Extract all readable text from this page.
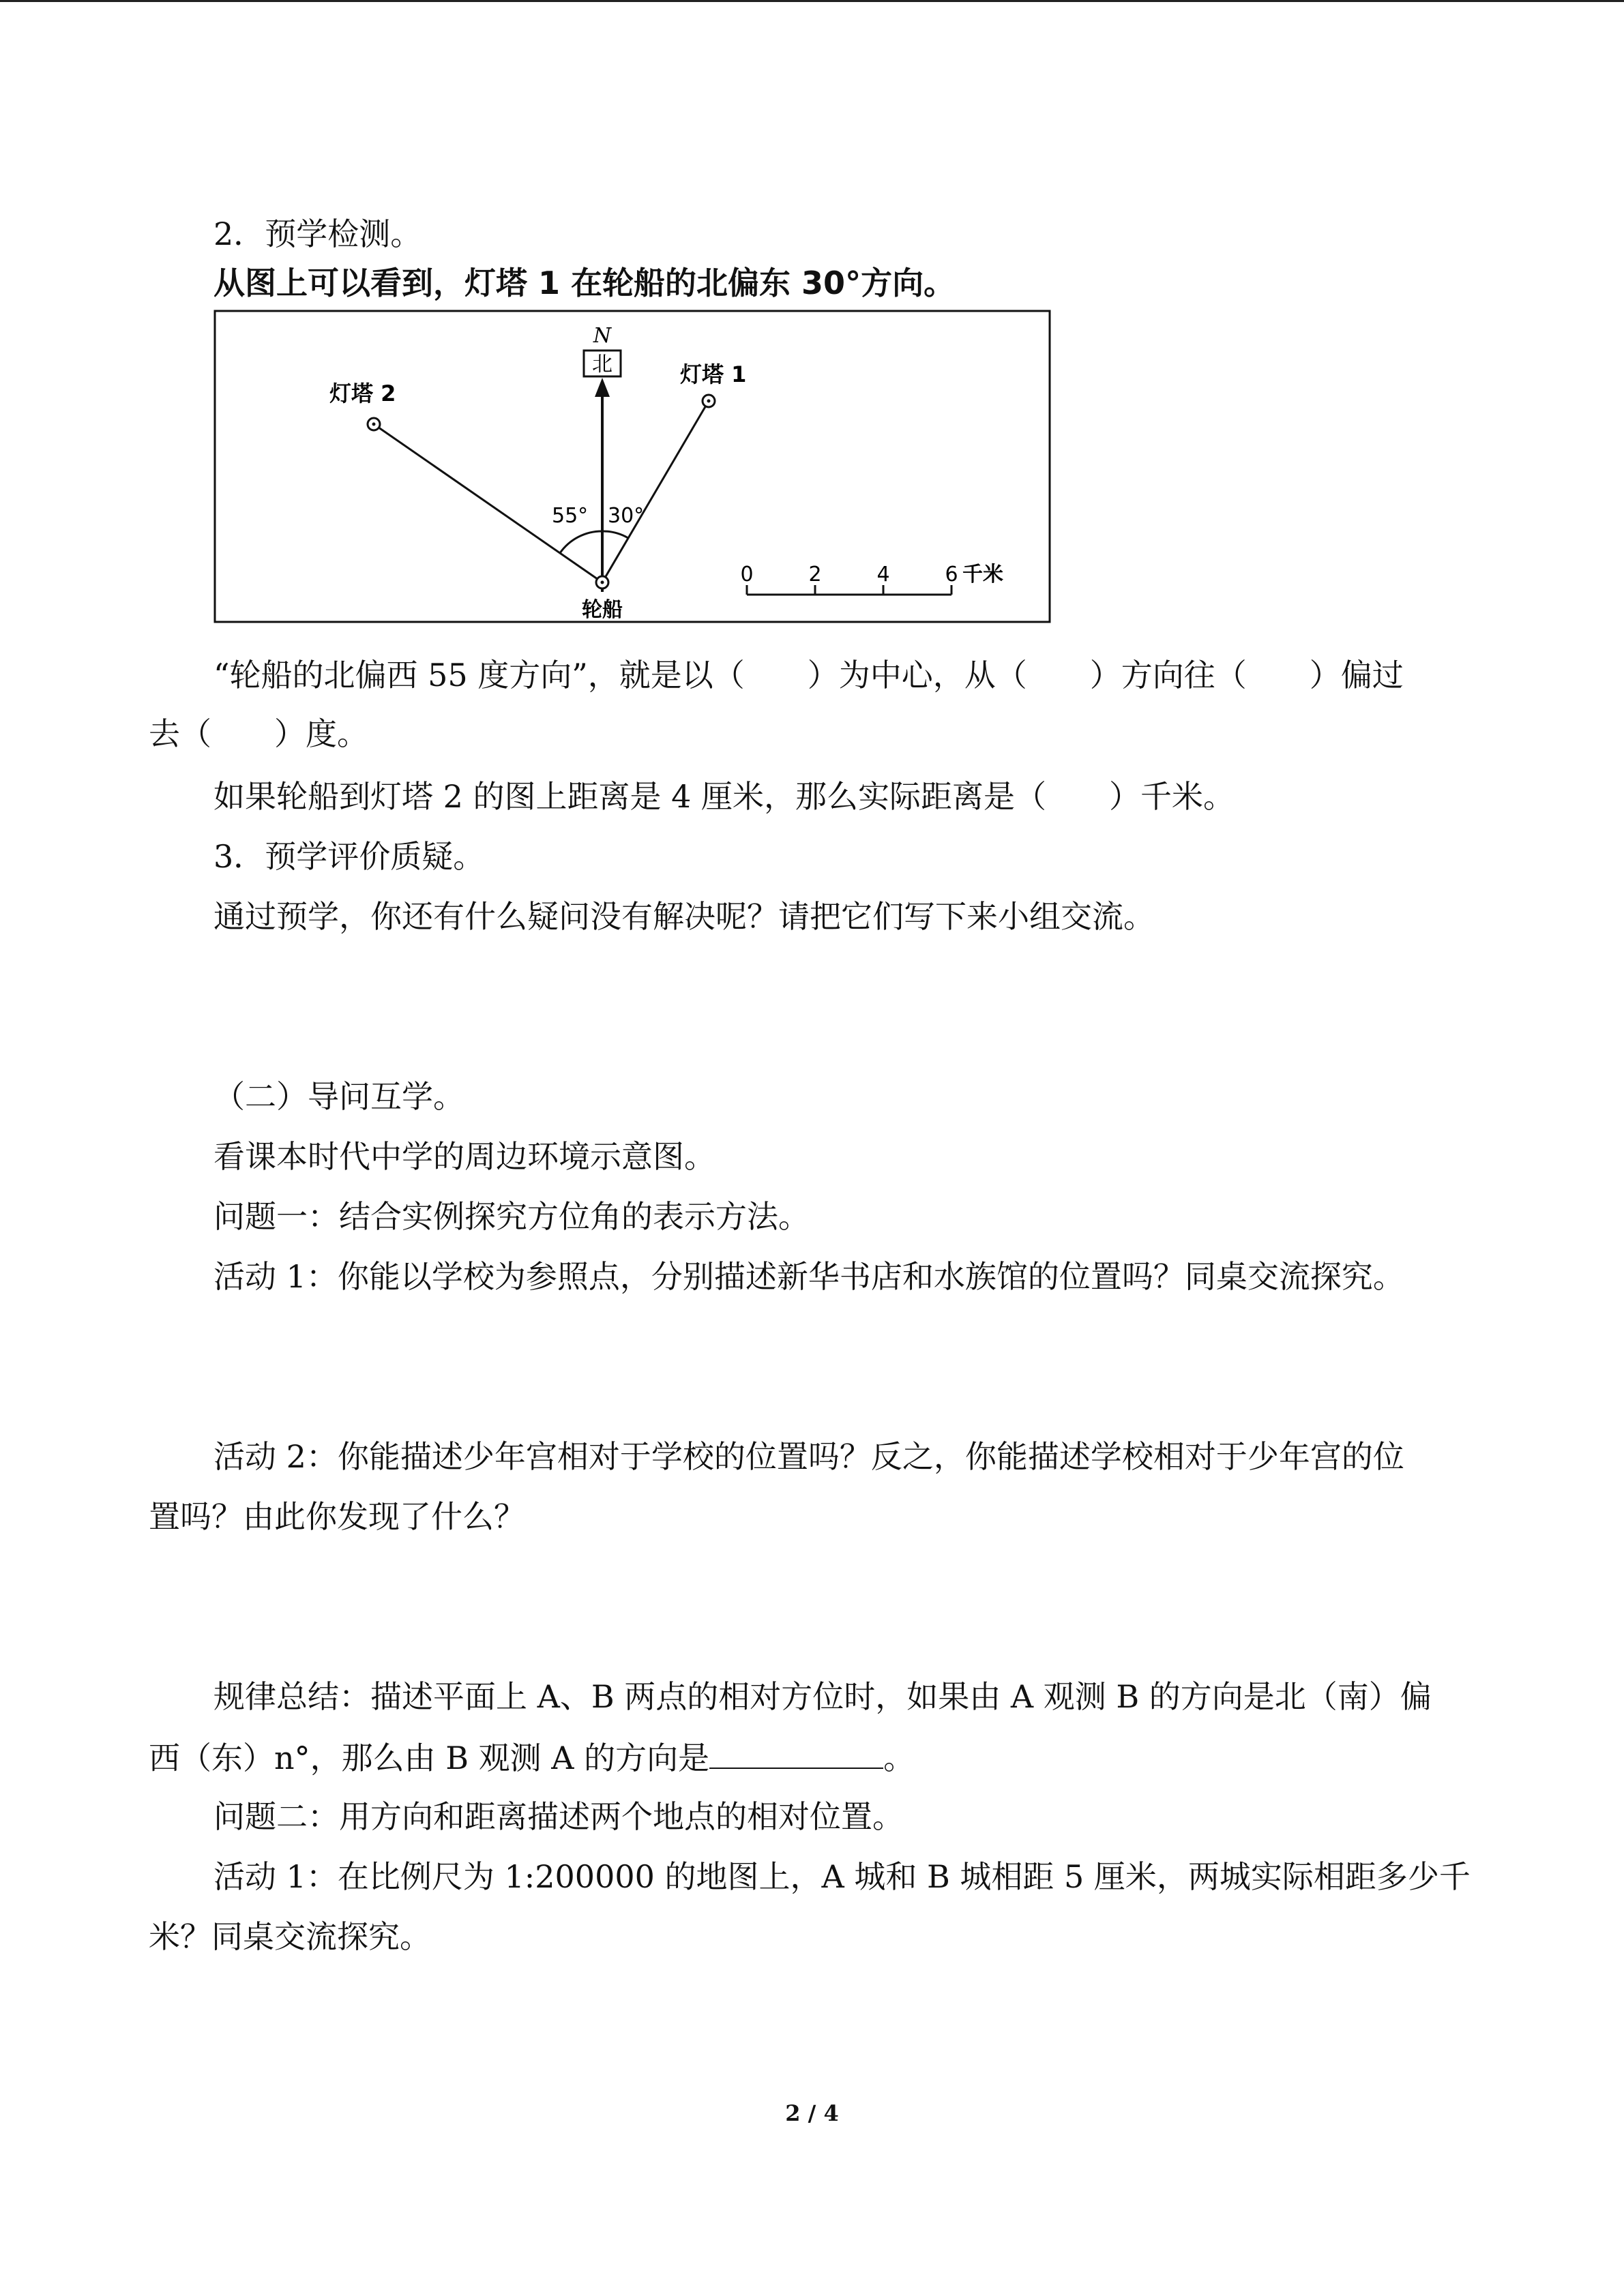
2．预学检测。
从图上可以看到，灯塔 1 在轮船的北偏东 30°方向。
北
N
灯塔 2
灯塔 1
轮船
55° 30°
0	2	4	6 千米
“轮船的北偏西 55 度方向”，就是以（　　）为中心，从（　　）方向往（　　）偏过
去（　　）度。
如果轮船到灯塔 2 的图上距离是 4 厘米，那么实际距离是（　　）千米。
3．预学评价质疑。
通过预学，你还有什么疑问没有解决呢？请把它们写下来小组交流。
（二）导问互学。
看课本时代中学的周边环境示意图。
问题一：结合实例探究方位角的表示方法。
活动 1：你能以学校为参照点，分别描述新华书店和水族馆的位置吗？同桌交流探究。
活动 2：你能描述少年宫相对于学校的位置吗？反之，你能描述学校相对于少年宫的位
置吗？由此你发现了什么？
规律总结：描述平面上 A、B 两点的相对方位时，如果由 A 观测 B 的方向是北（南）偏
西（东）n°，那么由 B 观测 A 的方向是	。
问题二：用方向和距离描述两个地点的相对位置。
活动 1：在比例尺为 1:200000 的地图上，A 城和 B 城相距 5 厘米，两城实际相距多少千
米？同桌交流探究。
2 / 4
